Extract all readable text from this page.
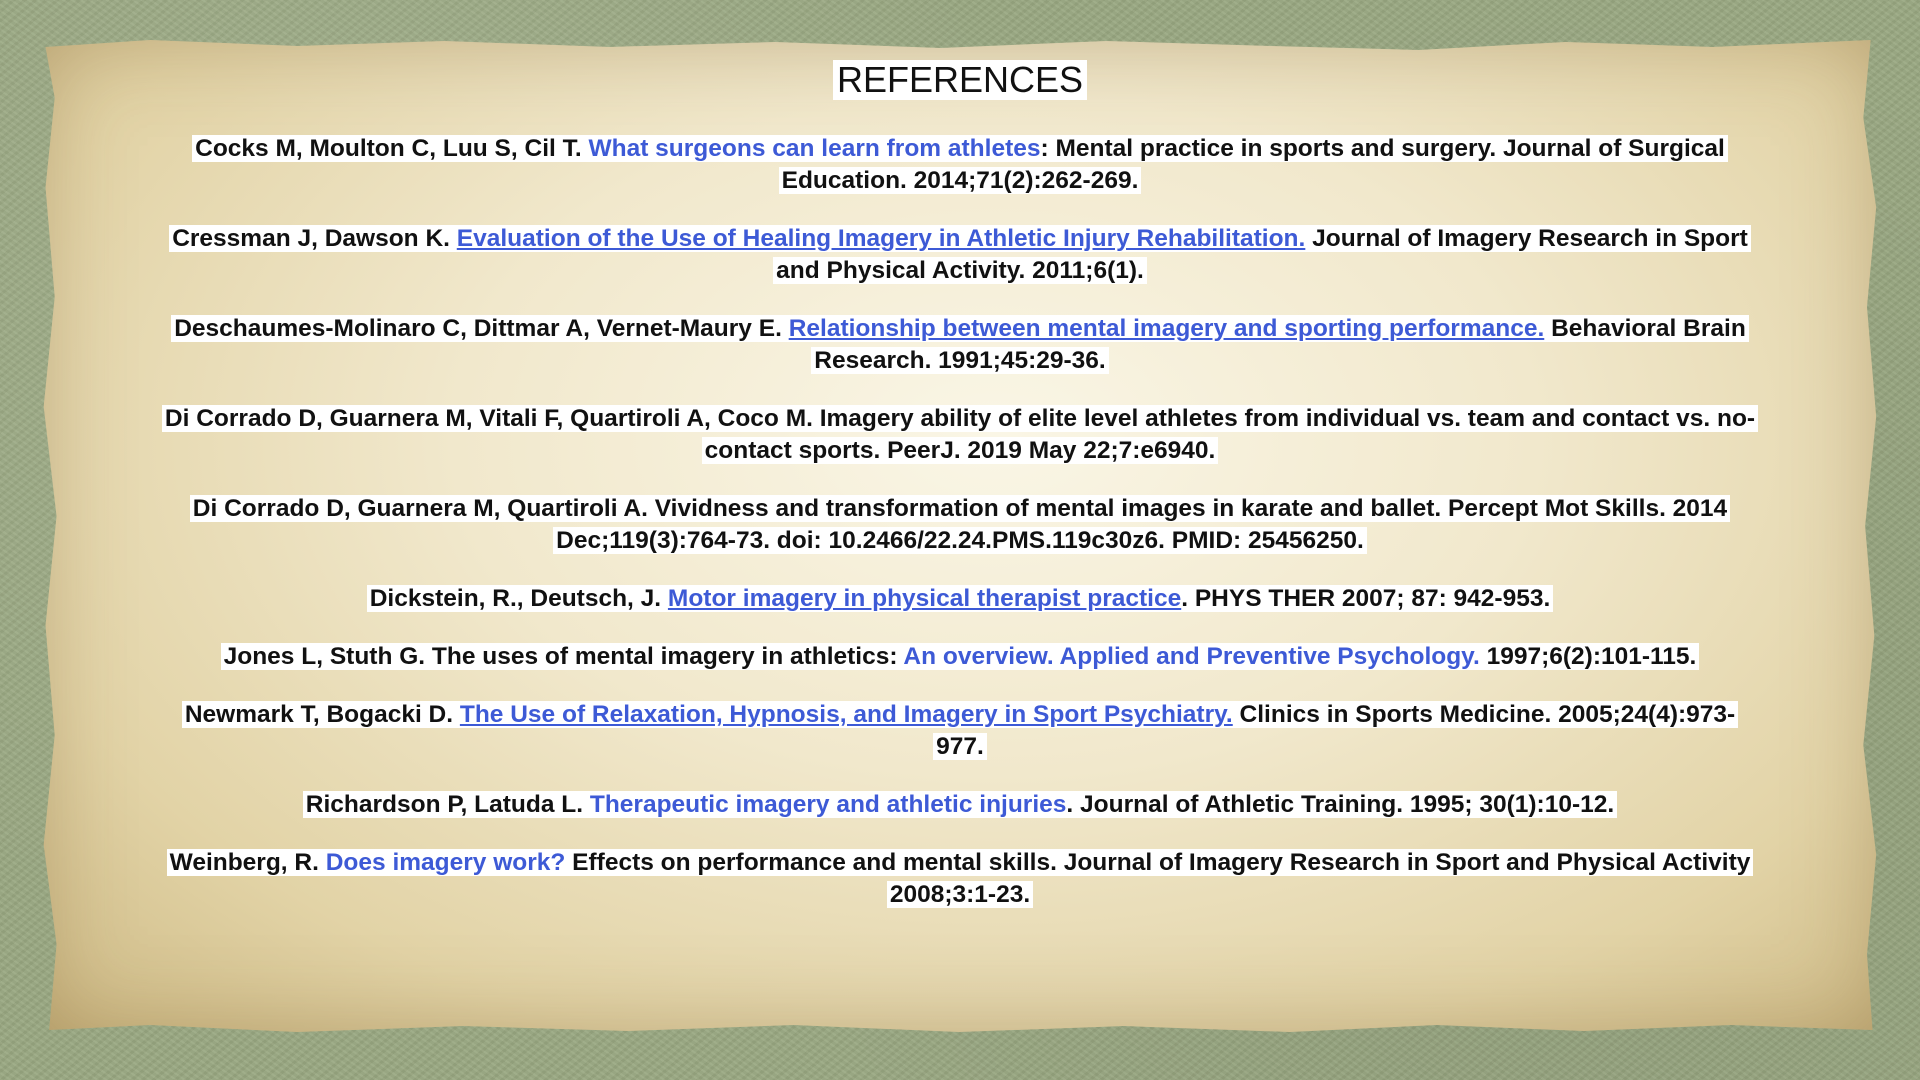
REFERENCES

Cocks M, Moulton C, Luu S, Cil T. What surgeons can learn from athletes: Mental practice in sports and surgery. Journal of Surgical Education. 2014;71(2):262-269.

Cressman J, Dawson K. Evaluation of the Use of Healing Imagery in Athletic Injury Rehabilitation. Journal of Imagery Research in Sport and Physical Activity. 2011;6(1).

Deschaumes-Molinaro C, Dittmar A, Vernet-Maury E. Relationship between mental imagery and sporting performance. Behavioral Brain Research. 1991;45:29-36.

Di Corrado D, Guarnera M, Vitali F, Quartiroli A, Coco M. Imagery ability of elite level athletes from individual vs. team and contact vs. no-contact sports. PeerJ. 2019 May 22;7:e6940.

Di Corrado D, Guarnera M, Quartiroli A. Vividness and transformation of mental images in karate and ballet. Percept Mot Skills. 2014 Dec;119(3):764-73. doi: 10.2466/22.24.PMS.119c30z6. PMID: 25456250.

Dickstein, R., Deutsch, J. Motor imagery in physical therapist practice. PHYS THER 2007; 87: 942-953.

Jones L, Stuth G. The uses of mental imagery in athletics: An overview. Applied and Preventive Psychology. 1997;6(2):101-115.

Newmark T, Bogacki D. The Use of Relaxation, Hypnosis, and Imagery in Sport Psychiatry. Clinics in Sports Medicine. 2005;24(4):973-977.

Richardson P, Latuda L. Therapeutic imagery and athletic injuries. Journal of Athletic Training. 1995; 30(1):10-12.

Weinberg, R. Does imagery work? Effects on performance and mental skills. Journal of Imagery Research in Sport and Physical Activity 2008;3:1-23.
